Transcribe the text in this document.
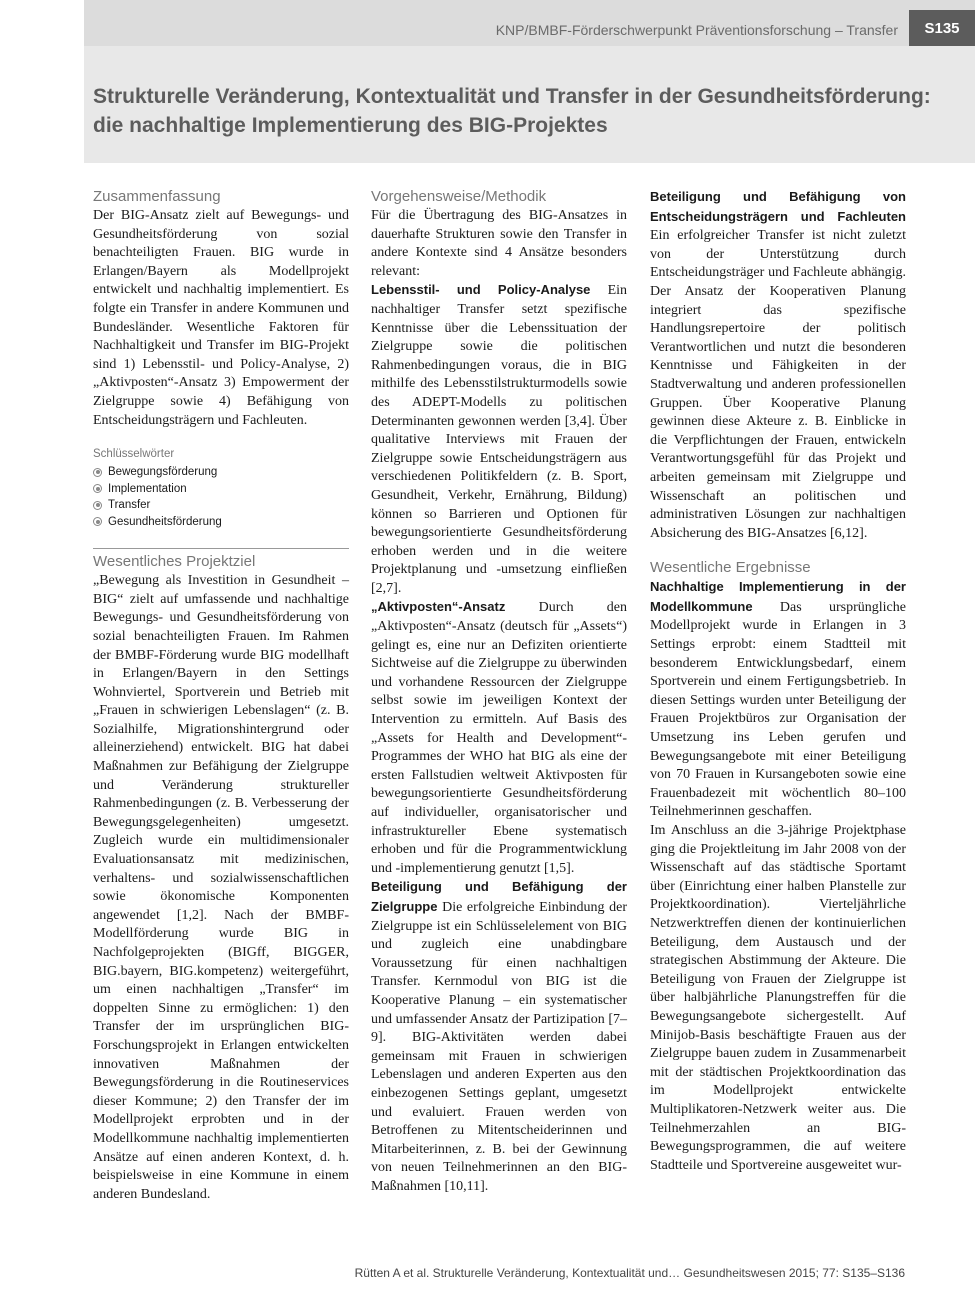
KNP/BMBF-Förderschwerpunkt Präventionsforschung – Transfer	S135
Strukturelle Veränderung, Kontextualität und Transfer in der Gesundheitsförderung: die nachhaltige Implementierung des BIG-Projektes
Zusammenfassung

Der BIG-Ansatz zielt auf Bewegungs- und Gesundheitsförderung von sozial benachteiligten Frauen. BIG wurde in Erlangen/Bayern als Modellprojekt entwickelt und nachhaltig implementiert. Es folgte ein Transfer in andere Kommunen und Bundesländer. Wesentliche Faktoren für Nachhaltigkeit und Transfer im BIG-Projekt sind 1) Lebensstil- und Policy-Analyse, 2) „Aktivposten“-Ansatz 3) Empowerment der Zielgruppe sowie 4) Befähigung von Entscheidungsträgern und Fachleuten.

Schlüsselwörter
Bewegungsförderung
Implementation
Transfer
Gesundheitsförderung
Wesentliches Projektziel

„Bewegung als Investition in Gesundheit – BIG“ zielt auf umfassende und nachhaltige Bewegungs- und Gesundheitsförderung von sozial benachteiligten Frauen. Im Rahmen der BMBF-Förderung wurde BIG modellhaft in Erlangen/Bayern in den Settings Wohnviertel, Sportverein und Betrieb mit „Frauen in schwierigen Lebenslagen“ (z. B. Sozialhilfe, Migrationshintergrund oder alleinerziehend) entwickelt. BIG hat dabei Maßnahmen zur Befähigung der Zielgruppe und Veränderung struktureller Rahmenbedingungen (z. B. Verbesserung der Bewegungsgelegenheiten) umgesetzt. Zugleich wurde ein multidimensionaler Evaluationsansatz mit medizinischen, verhaltens- und sozialwissenschaftlichen sowie ökonomische Komponenten angewendet [1,2]. Nach der BMBF-Modellförderung wurde BIG in Nachfolgeprojekten (BIGff, BIGGER, BIG.bayern, BIG.kompetenz) weitergeführt, um einen nachhaltigen „Transfer“ im doppelten Sinne zu ermöglichen: 1) den Transfer der im ursprünglichen BIG-Forschungsprojekt in Erlangen entwickelten innovativen Maßnahmen der Bewegungsförderung in die Routineservices dieser Kommune; 2) den Transfer der im Modellprojekt erprobten und in der Modellkommune nachhaltig implementierten Ansätze auf einen anderen Kontext, d. h. beispielsweise in eine Kommune in einem anderen Bundesland.

Vorgehensweise/Methodik

Für die Übertragung des BIG-Ansatzes in dauerhafte Strukturen sowie den Transfer in andere Kontexte sind 4 Ansätze besonders relevant:

Lebensstil- und Policy-Analyse Ein nachhaltiger Transfer setzt spezifische Kenntnisse über die Lebenssituation der Zielgruppe sowie die politischen Rahmenbedingungen voraus, die in BIG mithilfe des Lebensstilstrukturmodells sowie des ADEPT-Modells zu politischen Determinanten gewonnen werden [3,4]. Über qualitative Interviews mit Frauen der Zielgruppe sowie Entscheidungsträgern aus verschiedenen Politikfeldern (z. B. Sport, Gesundheit, Verkehr, Ernährung, Bildung) können so Barrieren und Optionen für bewegungsorientierte Gesundheitsförderung erhoben werden und in die weitere Projektplanung und -umsetzung einfließen [2,7].

„Aktivposten“-Ansatz Durch den „Aktivposten“-Ansatz (deutsch für „Assets“) gelingt es, eine nur an Defiziten orientierte Sichtweise auf die Zielgruppe zu überwinden und vorhandene Ressourcen der Zielgruppe selbst sowie im jeweiligen Kontext der Intervention zu ermitteln. Auf Basis des „Assets for Health and Development“-Programmes der WHO hat BIG als eine der ersten Fallstudien weltweit Aktivposten für bewegungsorientierte Gesundheitsförderung auf individueller, organisatorischer und infrastruktureller Ebene systematisch erhoben und für die Programmentwicklung und -implementierung genutzt [1,5].

Beteiligung und Befähigung der Zielgruppe Die erfolgreiche Einbindung der Zielgruppe ist ein Schlüsselelement von BIG und zugleich eine unabdingbare Voraussetzung für einen nachhaltigen Transfer. Kernmodul von BIG ist die Kooperative Planung – ein systematischer und umfassender Ansatz der Partizipation [7–9]. BIG-Aktivitäten werden dabei gemeinsam mit Frauen in schwierigen Lebenslagen und anderen Experten aus den einbezogenen Settings geplant, umgesetzt und evaluiert. Frauen werden von Betroffenen zu Mitentscheiderinnen und Mitarbeiterinnen, z. B. bei der Gewinnung von neuen Teilnehmerinnen an den BIG-Maßnahmen [10,11].

Beteiligung und Befähigung von Entscheidungsträgern und Fachleuten Ein erfolgreicher Transfer ist nicht zuletzt von der Unterstützung durch Entscheidungsträger und Fachleute abhängig. Der Ansatz der Kooperativen Planung integriert das spezifische Handlungsrepertoire der politisch Verantwortlichen und nutzt die besonderen Kenntnisse und Fähigkeiten in der Stadtverwaltung und anderen professionellen Gruppen. Über Kooperative Planung gewinnen diese Akteure z. B. Einblicke in die Verpflichtungen der Frauen, entwickeln Verantwortungsgefühl für das Projekt und arbeiten gemeinsam mit Zielgruppe und Wissenschaft an politischen und administrativen Lösungen zur nachhaltigen Absicherung des BIG-Ansatzes [6,12].

Wesentliche Ergebnisse

Nachhaltige Implementierung in der Modellkommune Das ursprüngliche Modellprojekt wurde in Erlangen in 3 Settings erprobt: einem Stadtteil mit besonderem Entwicklungsbedarf, einem Sportverein und einem Fertigungsbetrieb. In diesen Settings wurden unter Beteiligung der Frauen Projektbüros zur Organisation der Umsetzung ins Leben gerufen und Bewegungsangebote mit einer Beteiligung von 70 Frauen in Kursangeboten sowie eine Frauenbadezeit mit wöchentlich 80–100 Teilnehmerinnen geschaffen.

Im Anschluss an die 3-jährige Projektphase ging die Projektleitung im Jahr 2008 von der Wissenschaft auf das städtische Sportamt über (Einrichtung einer halben Planstelle zur Projektkoordination). Vierteljährliche Netzwerktreffen dienen der kontinuierlichen Beteiligung, dem Austausch und der strategischen Abstimmung der Akteure. Die Beteiligung von Frauen der Zielgruppe ist über halbjährliche Planungstreffen für die Bewegungsangebote sichergestellt. Auf Minijob-Basis beschäftigte Frauen aus der Zielgruppe bauen zudem in Zusammenarbeit mit der städtischen Projektkoordination das im Modellprojekt entwickelte Multiplikatoren-Netzwerk weiter aus. Die Teilnehmerzahlen an BIG-Bewegungsprogrammen, die auf weitere Stadtteile und Sportvereine ausgeweitet wur-

Rütten A et al. Strukturelle Veränderung, Kontextualität und… Gesundheitswesen 2015; 77: S135–S136
